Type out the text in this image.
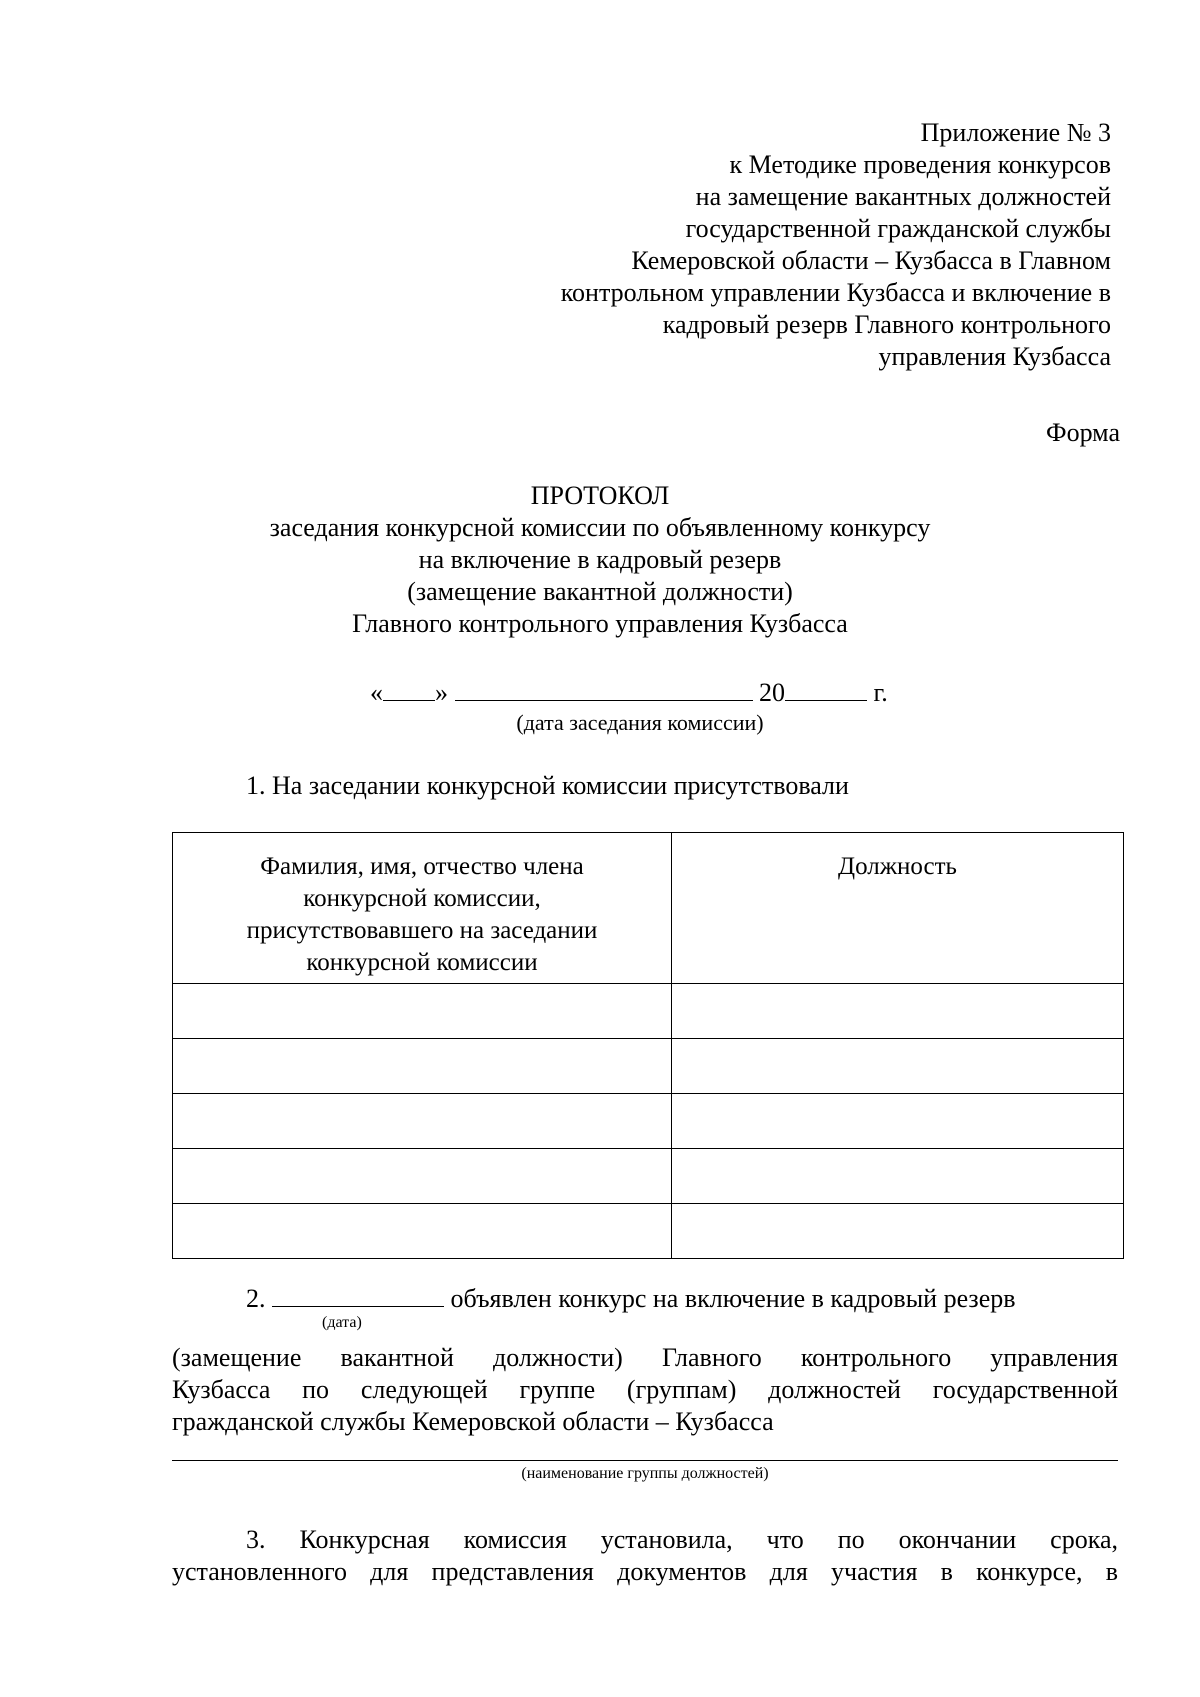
Приложение № 3
к Методике проведения конкурсов
на замещение вакантных должностей
государственной гражданской службы
Кемеровской области – Кузбасса в Главном
контрольном управлении Кузбасса и включение в
кадровый резерв Главного контрольного
управления Кузбасса
Форма
ПРОТОКОЛ
заседания конкурсной комиссии по объявленному конкурсу
на включение в кадровый резерв
(замещение вакантной должности)
Главного контрольного управления Кузбасса
« »	20	г.
(дата заседания комиссии)
1. На заседании конкурсной комиссии присутствовали
Фамилия, имя, отчество члена
конкурсной комиссии,
присутствовавшего на заседании
конкурсной комиссии	Должность

2.	объявлен конкурс на включение в кадровый резерв
(дата)
(замещение вакантной должности) Главного контрольного управления
Кузбасса по следующей группе (группам) должностей государственной
гражданской службы Кемеровской области – Кузбасса
(наименование группы должностей)
3. Конкурсная комиссия установила, что по окончании срока,
установленного для представления документов для участия в конкурсе, в
